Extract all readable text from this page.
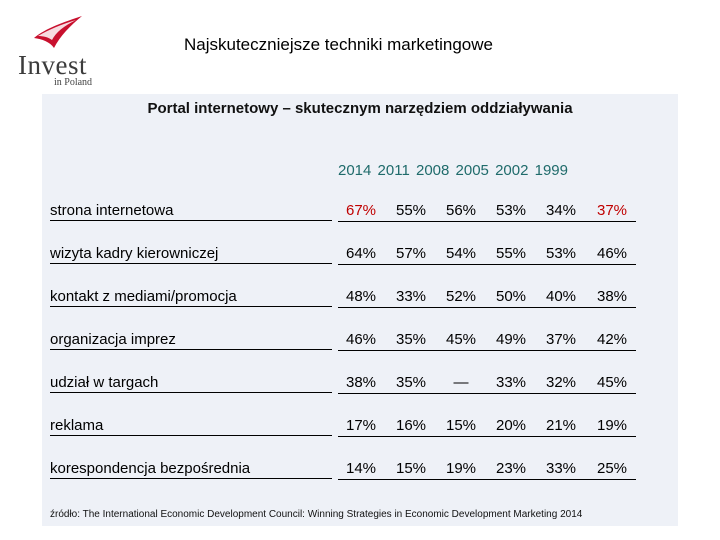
Invest
in Poland
Najskuteczniejsze techniki marketingowe
Portal internetowy – skutecznym narzędziem oddziaływania
2014 2011 2008 2005 2002 1999
strona internetowa	67%	55%	56%	53%	34%	37%
wizyta kadry kierowniczej	64%	57%	54%	55%	53%	46%
kontakt z mediami/promocja	48%	33%	52%	50%	40%	38%
organizacja imprez	46%	35%	45%	49%	37%	42%
udział w targach	38%	35%	—	33%	32%	45%
reklama	17%	16%	15%	20%	21%	19%
korespondencja bezpośrednia	14%	15%	19%	23%	33%	25%
źródło: The International Economic Development Council: Winning Strategies in Economic Development Marketing 2014
